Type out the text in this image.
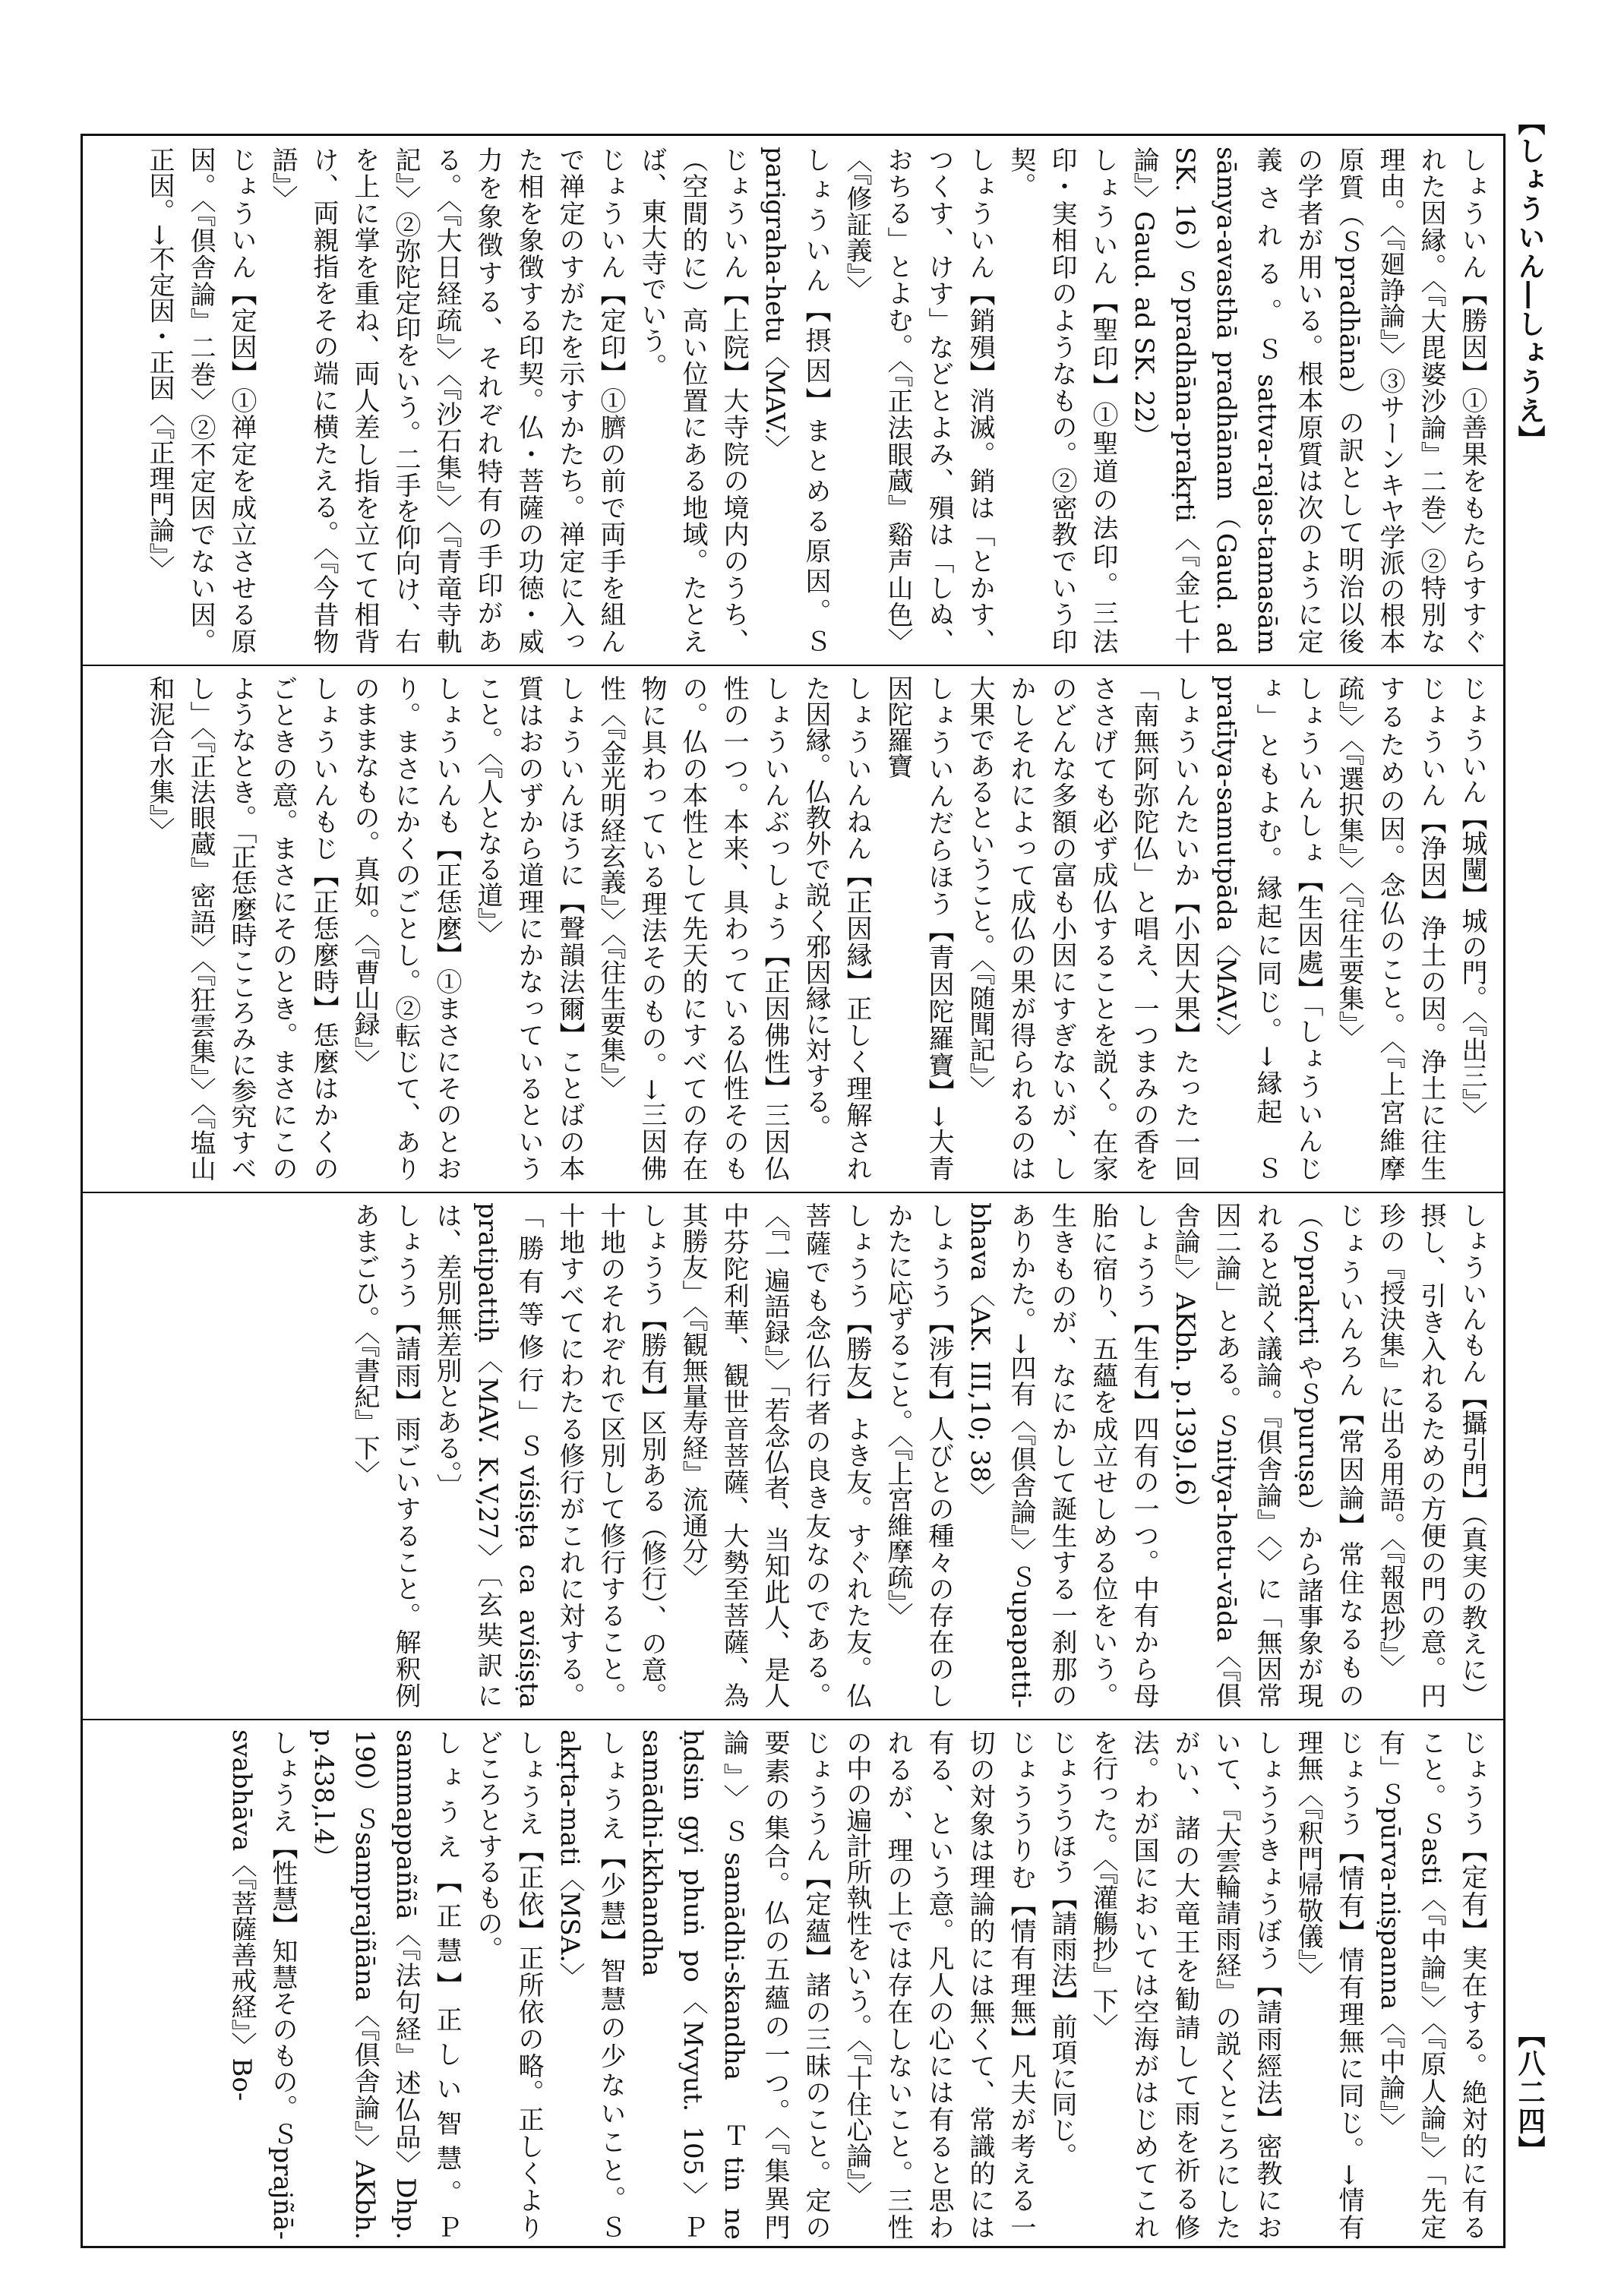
【しょういん―しょうえ】
【八二四】
しょういん【勝因】①善果をもたらすすぐれた因縁。〈『大毘婆沙論』二巻〉②特別な理由。〈『廻諍論』〉③サーンキヤ学派の根本原質（Ｓpradhāna）の訳として明治以後の学者が用いる。根本原質は次のように定義される。Ｓsattva-rajas-tamasām sāmya-avasthā pradhānam（Gaud. ad SK. 16）Ｓpradhāna-prakṛti〈『金七十論』〉Gaud. ad SK. 22）
しょういん【聖印】①聖道の法印。三法印・実相印のようなもの。②密教でいう印契。
しょういん【銷殞】消滅。銷は「とかす、つくす、けす」などとよみ、殞は「しぬ、おちる」とよむ。〈『正法眼蔵』谿声山色〉〈『修証義』〉
しょういん【摂因】まとめる原因。Ｓparigraha-hetu〈MAV.〉
じょういん【上院】大寺院の境内のうち、（空間的に）高い位置にある地域。たとえば、東大寺でいう。
じょういん【定印】①臍の前で両手を組んで禅定のすがたを示すかたち。禅定に入った相を象徴する印契。仏・菩薩の功徳・威力を象徴する、それぞれ特有の手印がある。〈『大日経疏』〉〈『沙石集』〉〈『青竜寺軌記』〉②弥陀定印をいう。二手を仰向け、右を上に掌を重ね、両人差し指を立てて相背け、両親指をその端に横たえる。〈『今昔物語』〉
じょういん【定因】①禅定を成立させる原因。〈『倶舎論』二巻〉②不定因でない因。正因。→不定因・正因〈『正理門論』〉
じょういん【城闉】城の門。〈『出三』〉
じょういん【浄因】浄土の因。浄土に往生するための因。念仏のこと。〈『上宮維摩疏』〉〈『選択集』〉〈『往生要集』〉
しょういんしょ【生因處】「しょういんじょ」ともよむ。縁起に同じ。→縁起　Ｓpratītya-samutpāda〈MAV.〉
しょういんたいか【小因大果】たった一回「南無阿弥陀仏」と唱え、一つまみの香をささげても必ず成仏することを説く。在家のどんな多額の富も小因にすぎないが、しかしそれによって成仏の果が得られるのは大果であるということ。〈『随聞記』〉
しょういんだらほう【青因陀羅寶】→大青因陀羅寶
しょういんねん【正因縁】正しく理解された因縁。仏教外で説く邪因縁に対する。
しょういんぶっしょう【正因佛性】三因仏性の一つ。本来、具わっている仏性そのもの。仏の本性として先天的にすべての存在物に具わっている理法そのもの。→三因佛性〈『金光明経玄義』〉〈『往生要集』〉
しょういんほうに【聲韻法爾】ことばの本質はおのずから道理にかなっているということ。〈『人となる道』〉
しょういんも【正恁麼】①まさにそのとおり。まさにかくのごとし。②転じて、ありのままなもの。真如。〈『曹山録』〉
しょういんもじ【正恁麼時】恁麼はかくのごときの意。まさにそのとき。まさにこのようなとき。「正恁麼時こころみに参究すべし」〈『正法眼蔵』密語〉〈『狂雲集』〉〈『塩山和泥合水集』〉
しょういんもん【攝引門】（真実の教えに）摂し、引き入れるための方便の門の意。円珍の『授決集』に出る用語。〈『報恩抄』〉
じょういんろん【常因論】常住なるもの（Ｓprakṛti やＳpuruṣa）から諸事象が現れると説く議論。『倶舎論』〈〉に「無因常因二論」とある。Ｓnitya-hetu-vāda〈『倶舎論』〉AKbh. p.139,l.6）
しょうう【生有】四有の一つ。中有から母胎に宿り、五蘊を成立せしめる位をいう。生きものが、なにかして誕生する一刹那のありかた。→四有〈『倶舎論』〉Ｓupapatti-bhava〈AK. III,10; 38〉
しょうう【涉有】人びとの種々の存在のしかたに応ずること。〈『上宮維摩疏』〉
しょうう【勝友】よき友。すぐれた友。仏菩薩でも念仏行者の良き友なのである。〈『一遍語録』〉「若念仏者、当知此人、是人中芬陀利華、観世音菩薩、大勢至菩薩、為其勝友」〈『観無量寿経』流通分〉
しょうう【勝有】区別ある（修行）、の意。十地のそれぞれで区別して修行すること。十地すべてにわたる修行がこれに対する。「勝有等修行」Ｓviśiṣṭa ca aviśiṣṭa pratipattiḥ〈MAV. K.V,27〉〔玄奘訳には、差別無差別とある。〕
しょうう【請雨】雨ごいすること。解釈例あまごひ。〈『書紀』下〉
じょうう【定有】実在する。絶対的に有ること。Ｓasti〈『中論』〉〈『原人論』〉「先定有」Ｓpūrva-niṣpanna〈『中論』〉
じょうう【情有】情有理無に同じ。→情有理無〈『釈門帰敬儀』〉
しょううきょうぼう【請雨經法】密教において、『大雲輪請雨経』の説くところにしたがい、諸の大竜王を勧請して雨を祈る修法。わが国においては空海がはじめてこれを行った。〈『灌觴抄』下〉
じょううほう【請雨法】前項に同じ。
じょううりむ【情有理無】凡夫が考える一切の対象は理論的には無くて、常識的には有る、という意。凡人の心には有ると思われるが、理の上では存在しないこと。三性の中の遍計所執性をいう。〈『十住心論』〉
じょううん【定蘊】諸の三昧のこと。定の要素の集合。仏の五蘊の一つ。〈『集異門論』〉Ｓsamādhi-skandha　Ｔtin ne ḥdsin gyi phuṅ po〈Mvyut. 105〉Ｐsamādhi-kkhandha
しょうえ【少慧】智慧の少ないこと。Ｓakṛta-mati〈MSA.〉
しょうえ【正依】正所依の略。正しくよりどころとするもの。
しょうえ【正慧】正しい智慧。Ｐsammappaññā〈『法句経』述仏品〉Dhp. 190）Ｓsamprajñāna〈『倶舎論』〉AKbh. p.438,l.4）
しょうえ【性慧】知慧そのもの。Ｓprajñā-svabhāva〈『菩薩善戒経』〉Bo-
